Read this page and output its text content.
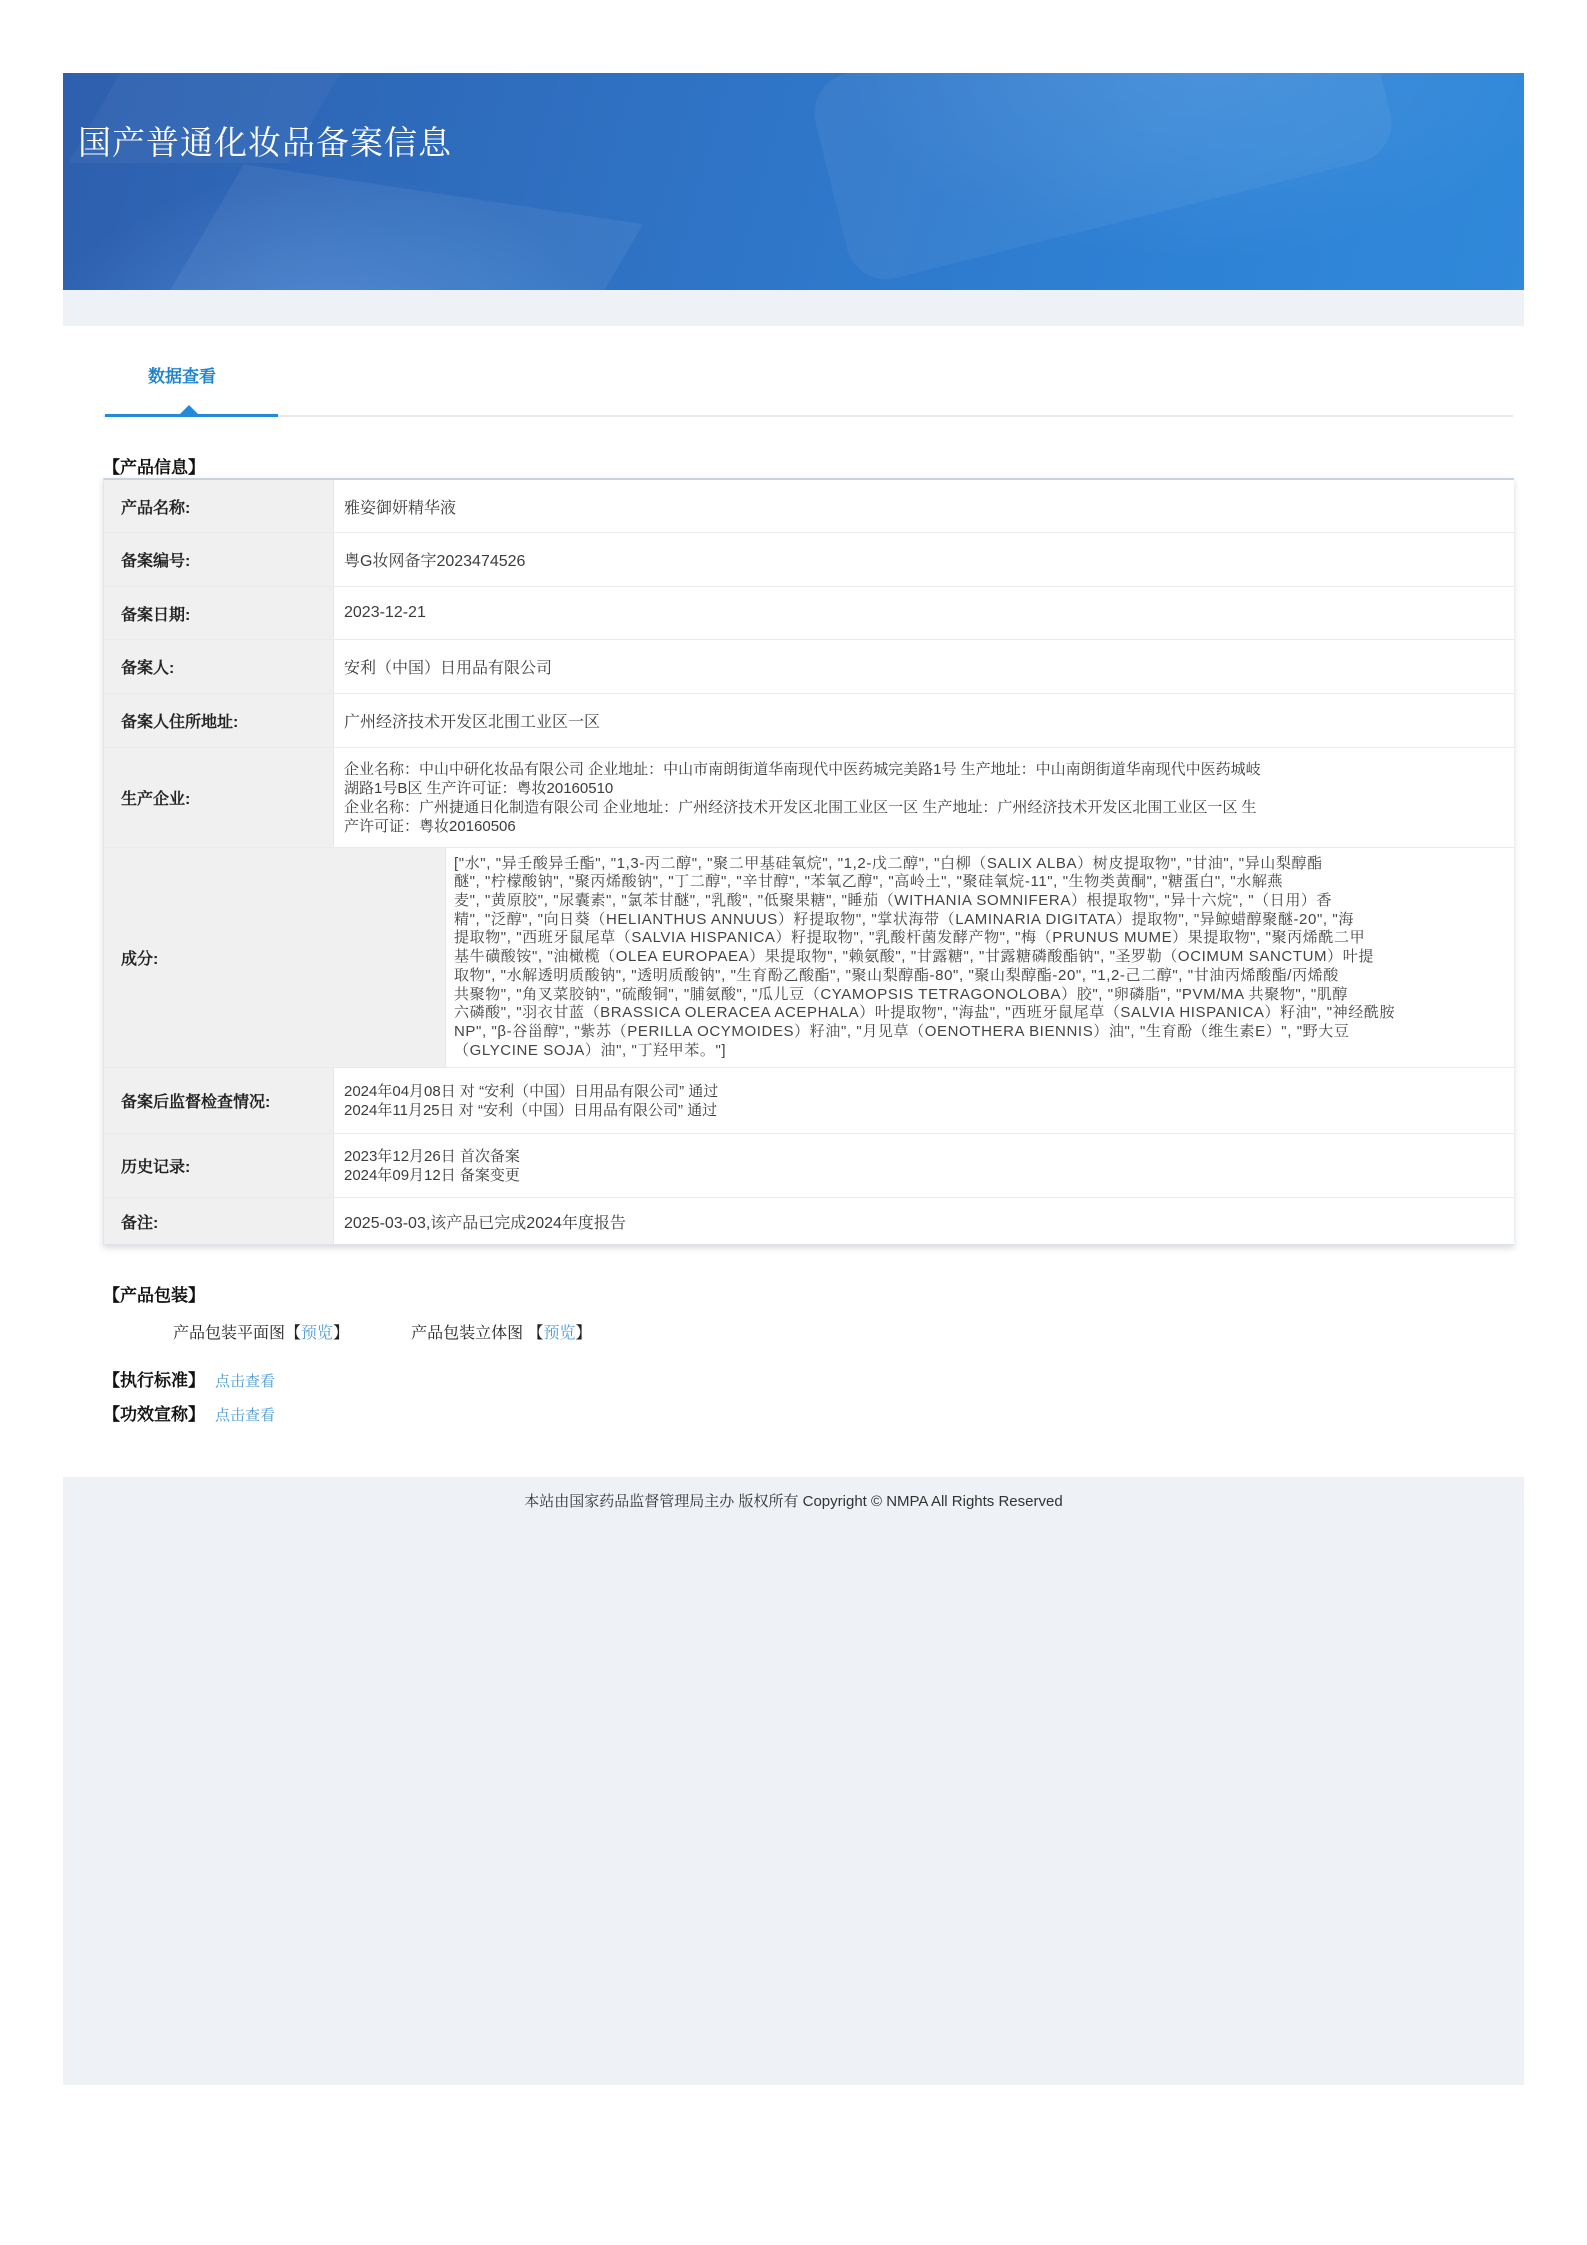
国产普通化妆品备案信息
数据查看
【产品信息】
产品名称:	雅姿御妍精华液
备案编号:	粤G妆网备字2023474526
备案日期:	2023-12-21
备案人:	安利（中国）日用品有限公司
备案人住所地址:	广州经济技术开发区北围工业区一区
生产企业:
企业名称：中山中研化妆品有限公司 企业地址：中山市南朗街道华南现代中医药城完美路1号 生产地址：中山南朗街道华南现代中医药城岐
湖路1号B区 生产许可证：粤妆20160510
企业名称：广州捷通日化制造有限公司 企业地址：广州经济技术开发区北围工业区一区 生产地址：广州经济技术开发区北围工业区一区 生
产许可证：粤妆20160506
成分:
["水", "异壬酸异壬酯", "1,3-丙二醇", "聚二甲基硅氧烷", "1,2-戊二醇", "白柳（SALIX ALBA）树皮提取物", "甘油", "异山梨醇酯
醚", "柠檬酸钠", "聚丙烯酸钠", "丁二醇", "辛甘醇", "苯氧乙醇", "高岭土", "聚硅氧烷-11", "生物类黄酮", "糖蛋白", "水解燕
麦", "黄原胶", "尿囊素", "氯苯甘醚", "乳酸", "低聚果糖", "睡茄（WITHANIA SOMNIFERA）根提取物", "异十六烷", "（日用）香
精", "泛醇", "向日葵（HELIANTHUS ANNUUS）籽提取物", "掌状海带（LAMINARIA DIGITATA）提取物", "异鲸蜡醇聚醚-20", "海
提取物", "西班牙鼠尾草（SALVIA HISPANICA）籽提取物", "乳酸杆菌发酵产物", "梅（PRUNUS MUME）果提取物", "聚丙烯酰二甲
基牛磺酸铵", "油橄榄（OLEA EUROPAEA）果提取物", "赖氨酸", "甘露糖", "甘露糖磷酸酯钠", "圣罗勒（OCIMUM SANCTUM）叶提
取物", "水解透明质酸钠", "透明质酸钠", "生育酚乙酸酯", "聚山梨醇酯-80", "聚山梨醇酯-20", "1,2-己二醇", "甘油丙烯酸酯/丙烯酸
共聚物", "角叉菜胶钠", "硫酸铜", "脯氨酸", "瓜儿豆（CYAMOPSIS TETRAGONOLOBA）胶", "卵磷脂", "PVM/MA 共聚物", "肌醇
六磷酸", "羽衣甘蓝（BRASSICA OLERACEA ACEPHALA）叶提取物", "海盐", "西班牙鼠尾草（SALVIA HISPANICA）籽油", "神经酰胺
NP", "β-谷甾醇", "紫苏（PERILLA OCYMOIDES）籽油", "月见草（OENOTHERA BIENNIS）油", "生育酚（维生素E）", "野大豆
（GLYCINE SOJA）油", "丁羟甲苯。"]
备案后监督检查情况:
2024年04月08日 对 “安利（中国）日用品有限公司” 通过
2024年11月25日 对 “安利（中国）日用品有限公司” 通过
历史记录:
2023年12月26日 首次备案
2024年09月12日 备案变更
备注:	2025-03-03,该产品已完成2024年度报告
【产品包装】
产品包装平面图【预览】	产品包装立体图 【预览】
【执行标准】 点击查看
【功效宣称】 点击查看
本站由国家药品监督管理局主办 版权所有 Copyright © NMPA All Rights Reserved
